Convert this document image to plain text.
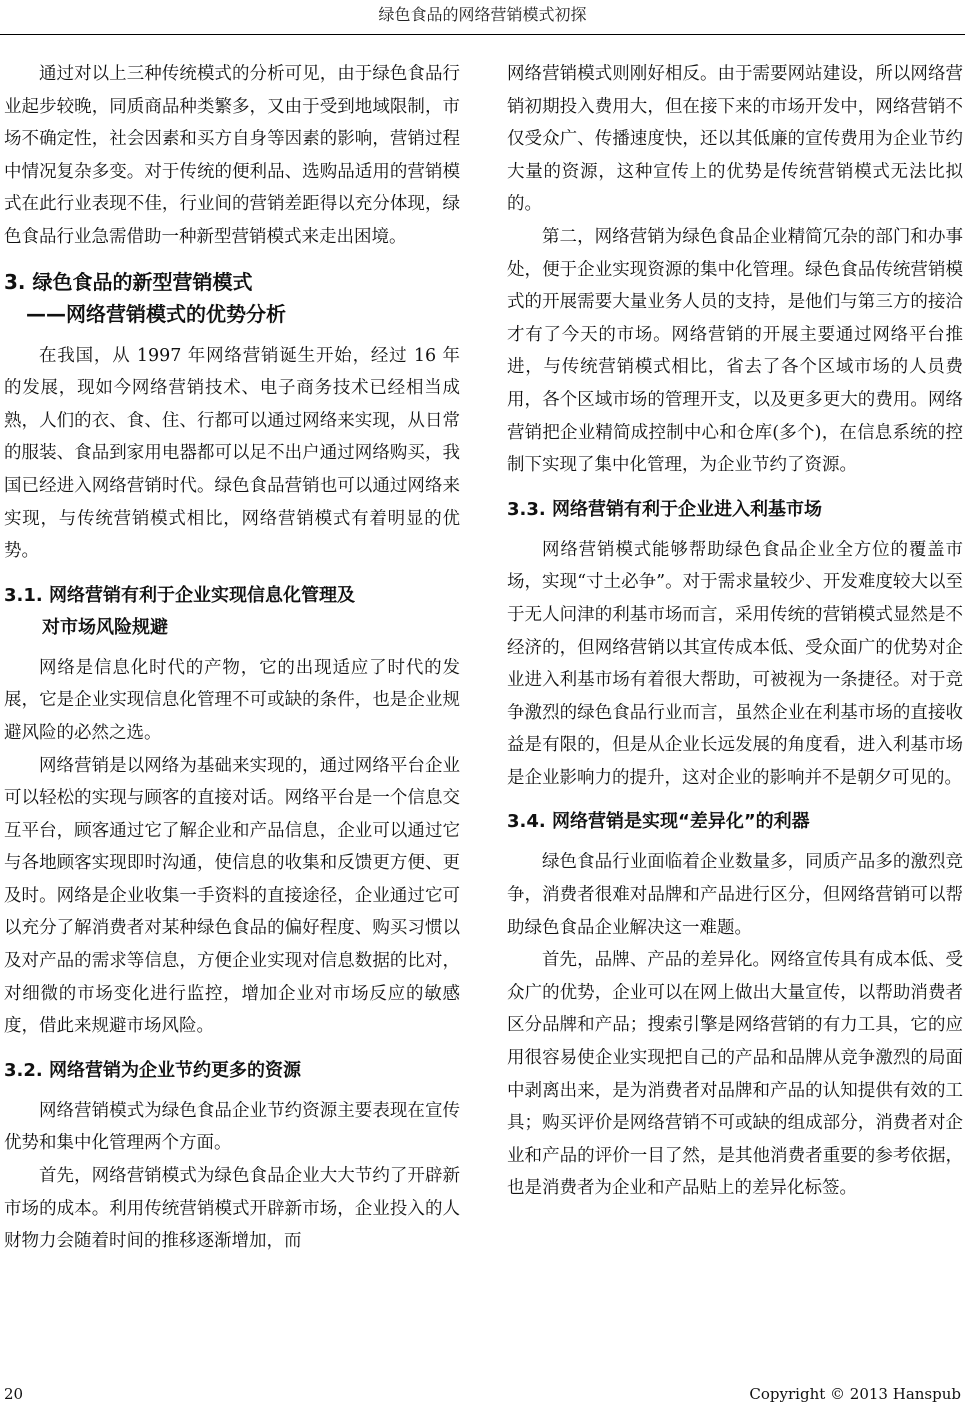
绿色食品的网络营销模式初探

通过对以上三种传统模式的分析可见，由于绿色食品行业起步较晚，同质商品种类繁多，又由于受到地域限制，市场不确定性，社会因素和买方自身等因素的影响，营销过程中情况复杂多变。对于传统的便利品、选购品适用的营销模式在此行业表现不佳，行业间的营销差距得以充分体现，绿色食品行业急需借助一种新型营销模式来走出困境。

3. 绿色食品的新型营销模式
——网络营销模式的优势分析

在我国，从 1997 年网络营销诞生开始，经过 16 年的发展，现如今网络营销技术、电子商务技术已经相当成熟，人们的衣、食、住、行都可以通过网络来实现，从日常的服装、食品到家用电器都可以足不出户通过网络购买，我国已经进入网络营销时代。绿色食品营销也可以通过网络来实现，与传统营销模式相比，网络营销模式有着明显的优势。

3.1. 网络营销有利于企业实现信息化管理及
对市场风险规避

网络是信息化时代的产物，它的出现适应了时代的发展，它是企业实现信息化管理不可或缺的条件，也是企业规避风险的必然之选。

网络营销是以网络为基础来实现的，通过网络平台企业可以轻松的实现与顾客的直接对话。网络平台是一个信息交互平台，顾客通过它了解企业和产品信息，企业可以通过它与各地顾客实现即时沟通，使信息的收集和反馈更方便、更及时。网络是企业收集一手资料的直接途径，企业通过它可以充分了解消费者对某种绿色食品的偏好程度、购买习惯以及对产品的需求等信息，方便企业实现对信息数据的比对，对细微的市场变化进行监控，增加企业对市场反应的敏感度，借此来规避市场风险。

3.2. 网络营销为企业节约更多的资源

网络营销模式为绿色食品企业节约资源主要表现在宣传优势和集中化管理两个方面。

首先，网络营销模式为绿色食品企业大大节约了开辟新市场的成本。利用传统营销模式开辟新市场，企业投入的人财物力会随着时间的推移逐渐增加，而

网络营销模式则刚好相反。由于需要网站建设，所以网络营销初期投入费用大，但在接下来的市场开发中，网络营销不仅受众广、传播速度快，还以其低廉的宣传费用为企业节约大量的资源，这种宣传上的优势是传统营销模式无法比拟的。

第二，网络营销为绿色食品企业精简冗杂的部门和办事处，便于企业实现资源的集中化管理。绿色食品传统营销模式的开展需要大量业务人员的支持，是他们与第三方的接洽才有了今天的市场。网络营销的开展主要通过网络平台推进，与传统营销模式相比，省去了各个区域市场的人员费用，各个区域市场的管理开支，以及更多更大的费用。网络营销把企业精简成控制中心和仓库(多个)，在信息系统的控制下实现了集中化管理，为企业节约了资源。

3.3. 网络营销有利于企业进入利基市场

网络营销模式能够帮助绿色食品企业全方位的覆盖市场，实现“寸土必争”。对于需求量较少、开发难度较大以至于无人问津的利基市场而言，采用传统的营销模式显然是不经济的，但网络营销以其宣传成本低、受众面广的优势对企业进入利基市场有着很大帮助，可被视为一条捷径。对于竞争激烈的绿色食品行业而言，虽然企业在利基市场的直接收益是有限的，但是从企业长远发展的角度看，进入利基市场是企业影响力的提升，这对企业的影响并不是朝夕可见的。

3.4. 网络营销是实现“差异化”的利器

绿色食品行业面临着企业数量多，同质产品多的激烈竞争，消费者很难对品牌和产品进行区分，但网络营销可以帮助绿色食品企业解决这一难题。

首先，品牌、产品的差异化。网络宣传具有成本低、受众广的优势，企业可以在网上做出大量宣传，以帮助消费者区分品牌和产品；搜索引擎是网络营销的有力工具，它的应用很容易使企业实现把自己的产品和品牌从竞争激烈的局面中剥离出来，是为消费者对品牌和产品的认知提供有效的工具；购买评价是网络营销不可或缺的组成部分，消费者对企业和产品的评价一目了然，是其他消费者重要的参考依据，也是消费者为企业和产品贴上的差异化标签。

20	Copyright © 2013 Hanspub
